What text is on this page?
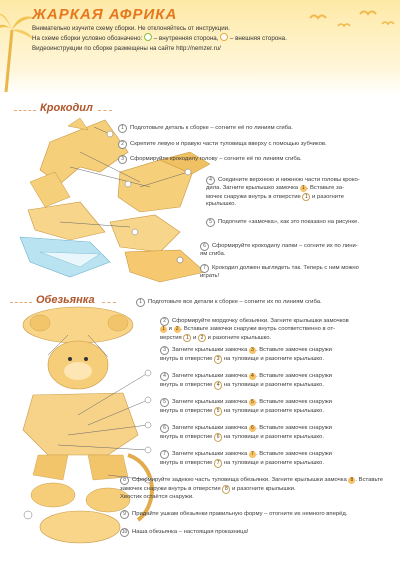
ЖАРКАЯ АФРИКА
Внимательно изучите схему сборки. Не отклоняйтесь от инструкции.
На схеме сборки условно обозначено: – внутренняя сторона, – внешняя сторона.
Видеоинструкции по сборке размещены на сайте http://nemzer.ru/
Крокодил
1 Подготовьте деталь к сборке – согните её по линиям сгиба.
2 Скрепите левую и правую части туловища вверху с помощью зубчиков.
3 Сформируйте крокодилу голову – согните её по линиям сгиба.
4 Соедините верхнюю и нижнюю части головы кроко-
дила. Загните крылышко замочка 1 . Вставьте за-
мочек снаружи внутрь в отверстие 1 и разогните
крылышко.
5 Подогните «замочка», как это показано на рисунке.
6 Сформируйте крокодилу лапки – согните их по лини-
ям сгиба.
7 Крокодил должен выглядеть так. Теперь с ним можно
играть!
Обезьянка	1 Подготовьте все детали к сборке – согните их по линиям сгиба.
2 Сформируйте мордочку обезьянки. Загните крылышки замочков
1 и 2 . Вставьте замочки снаружи внутрь соответственно в от-
верстия 1 и 2 и разогните крылышко.
3 Загните крылышки замочка 3 . Вставьте замочек снаружи
внутрь в отверстие 3 на туловище и разогните крылышко.
4 Загните крылышки замочка 4 . Вставьте замочек снаружи
внутрь в отверстие 4 на туловище и разогните крылышко.
5 Загните крылышки замочка 5 . Вставьте замочек снаружи
внутрь в отверстие 5 на туловище и разогните крылышко.
6 Загните крылышки замочка 6 . Вставьте замочек снаружи
внутрь в отверстие 6 на туловище и разогните крылышко.
7 Загните крылышки замочка 7 . Вставьте замочек снаружи
внутрь в отверстие 7 на туловище и разогните крылышко.
8 Сформируйте заднюю часть туловища обезьянки. Загните крылышки замочка 8 . Вставьте замочек снаружи внутрь в отверстие 8 и разогните крылышки.
Хвостик остаётся снаружи.
9 Придайте ушкам обезьянки правильную форму – отогните их немного вперёд.
10 Наша обезьянка – настоящая проказница!
